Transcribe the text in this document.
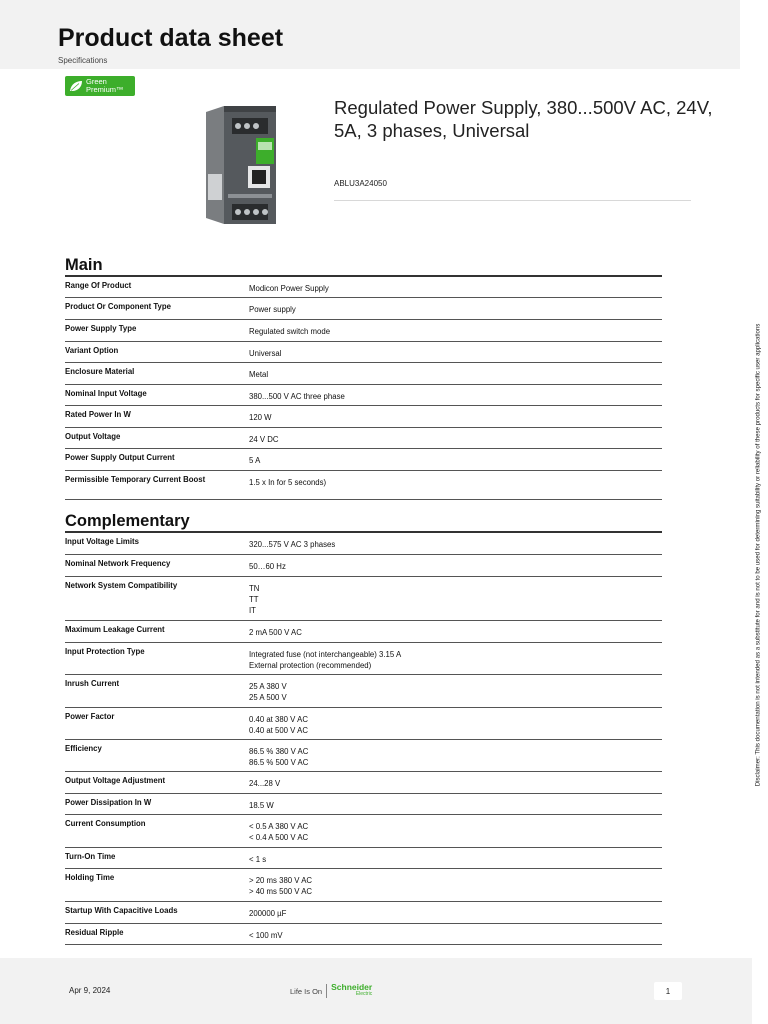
Product data sheet
Specifications
Green
Premium™
Regulated Power Supply, 380...500V AC, 24V, 5A, 3 phases, Universal
ABLU3A24050
Main
Range Of Product	Modicon Power Supply
Product Or Component Type	Power supply
Power Supply Type	Regulated switch mode
Variant Option	Universal
Enclosure Material	Metal
Nominal Input Voltage	380...500 V AC three phase
Rated Power In W	120 W
Output Voltage	24 V DC
Power Supply Output Current	5 A
Permissible Temporary Current Boost	1.5 x In for 5 seconds)
Complementary
Input Voltage Limits	320...575 V AC 3 phases
Nominal Network Frequency	50…60 Hz
Network System Compatibility	TN
TT
IT
Maximum Leakage Current	2 mA 500 V AC
Input Protection Type	Integrated fuse (not interchangeable) 3.15 A
External protection (recommended)
Inrush Current	25 A 380 V
25 A 500 V
Power Factor	0.40 at 380 V AC
0.40 at 500 V AC
Efficiency	86.5 % 380 V AC
86.5 % 500 V AC
Output Voltage Adjustment	24...28 V
Power Dissipation In W	18.5 W
Current Consumption	< 0.5 A 380 V AC
< 0.4 A 500 V AC
Turn-On Time	< 1 s
Holding Time	> 20 ms 380 V AC
> 40 ms 500 V AC
Startup With Capacitive Loads	200000 µF
Residual Ripple	< 100 mV
Disclaimer: This documentation is not intended as a substitute for and is not to be used for determining suitability or reliability of these products for specific user applications
Apr 9, 2024	Life Is On Schneider
Electric	1
